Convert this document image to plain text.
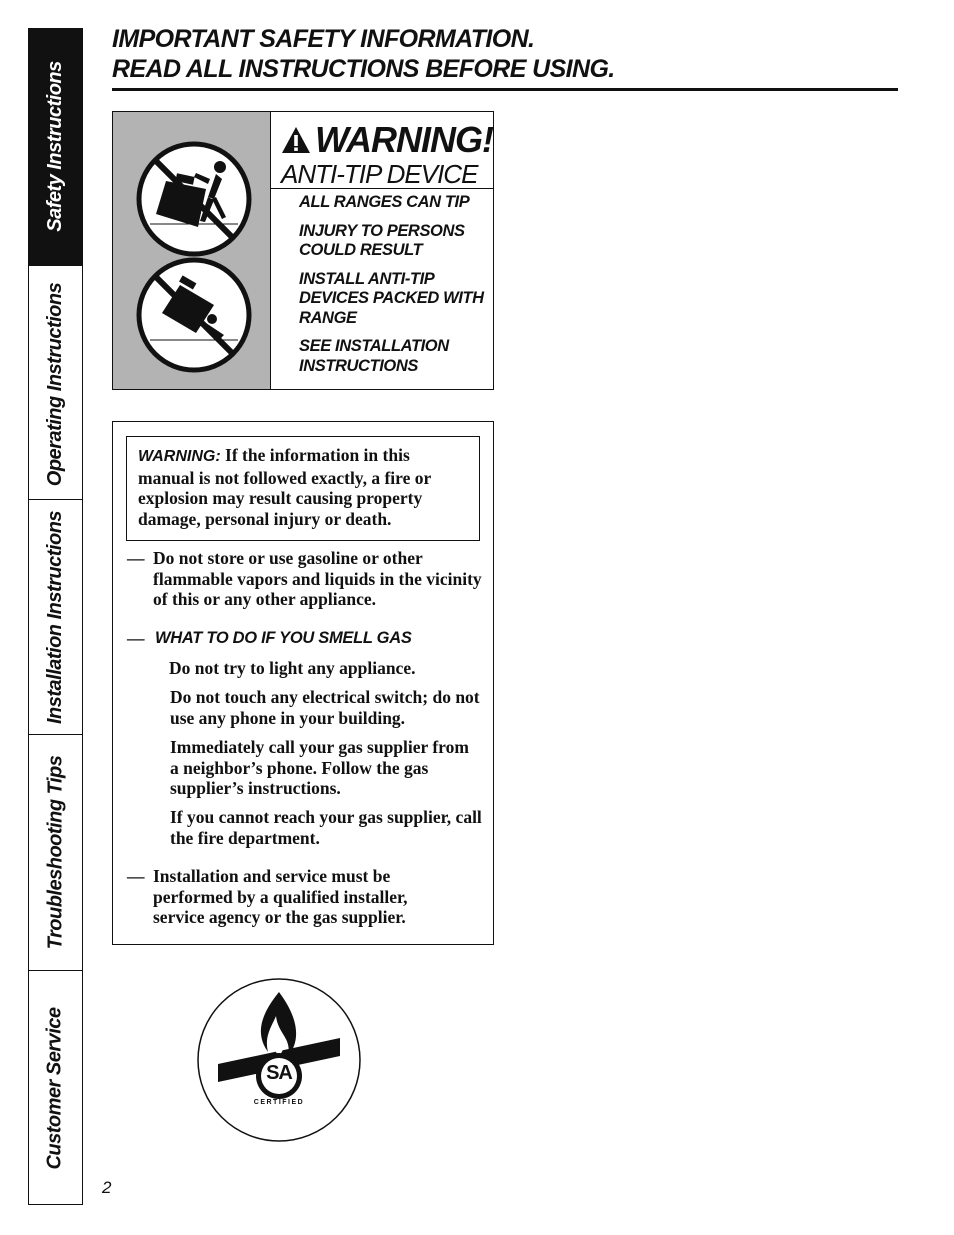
Safety Instructions
Operating Instructions
Installation Instructions
Troubleshooting Tips
Customer Service
IMPORTANT SAFETY INFORMATION.
READ ALL INSTRUCTIONS BEFORE USING.
WARNING!
ANTI-TIP DEVICE
ALL RANGES CAN TIP
INJURY TO PERSONS COULD RESULT
INSTALL ANTI-TIP DEVICES PACKED WITH RANGE
SEE INSTALLATION INSTRUCTIONS
WARNING: If the information in this manual is not followed exactly, a fire or explosion may result causing property damage, personal injury or death.
— Do not store or use gasoline or other flammable vapors and liquids in the vicinity of this or any other appliance.
— WHAT TO DO IF YOU SMELL GAS
Do not try to light any appliance.
Do not touch any electrical switch; do not use any phone in your building.
Immediately call your gas supplier from a neighbor’s phone. Follow the gas supplier’s instructions.
If you cannot reach your gas supplier, call the fire department.
— Installation and service must be performed by a qualified installer, service agency or the gas supplier.
SA
CERTIFIED
2
